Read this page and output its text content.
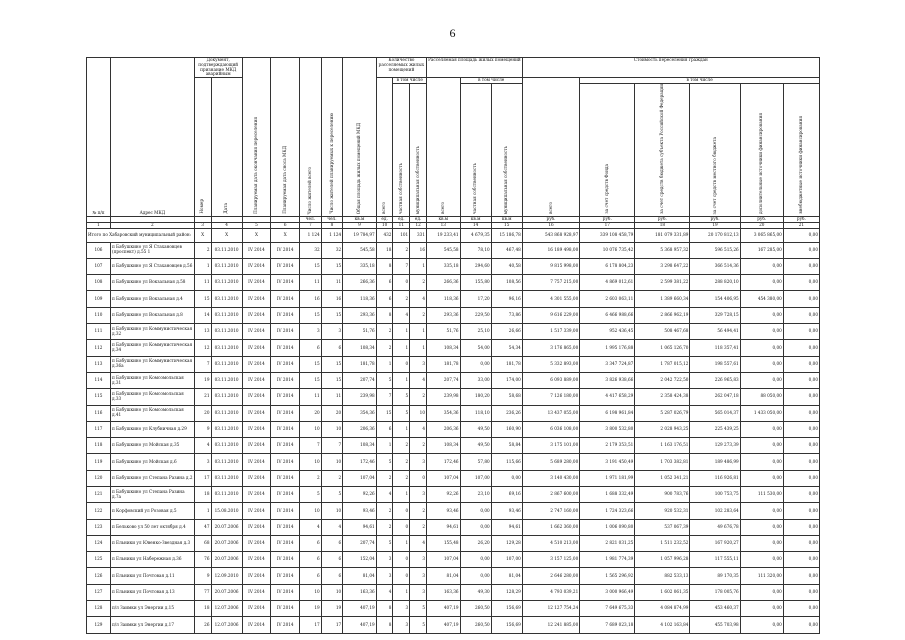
6
№ п/п	Адрес МКД	Документ, подтверждающий признание МКД аварийным		Планируемая дата окончания переселения	Планируемая дата сноса МКД	Число жителей всего	Число жителей планируемых к переселению	Общая площадь жилых помещений МКД	Количество расселяемых жилых помещений			Расселяемая площадь жилых помещений			Стоимость переселения граждан					
		Номер	Дата						всего	в том числе		всего	в том числе		всего	в том числе				
										частная собственность	муниципальная собственность		частная собственность	муниципальная собственность		за счет средств Фонда	за счет средств бюджета субъекта Российской Федерации	за счет средств местного бюджета	дополнительные источники финансирования	внебюджетные источники финансирования
						чел.	чел.	кв.м	ед.	ед.	ед.	кв.м	кв.м	кв.м	руб.	руб.	руб.	руб.	руб.	руб.
1	2	3	4	5	6	7	8	9	10	11	12	13	14	15	16	17	18	19	20	21
Итого по Хабаровский муниципальный район:		X	X	X	X	1 124	1 124	19 784,97	432	101	331	19 233,41	4 679,35	15 186,78	543 868 928,97	339 108 458,79	181 079 331,89	20 170 812,13	3 065 865,00	0,00
106	п Бабушкино ул Я Стахановцев (проспект) д.55 1	2	03.11.2010	IV 2014	IV 2014	32	32	545,58	18	2	16	545,58	78,10	467,48	16 189 498,00	10 076 735,42	5 368 957,32	596 515,26	167 285,00	0,00
107	п Бабушкино ул Я Стахановцев д.56	1	03.11.2010	IV 2014	IV 2014	15	15	335,18	8	7	1	335,18	294,60	40,58	9 815 998,00	6 178 804,23	3 298 647,22	366 514,36	0,00	0,00
108	п Бабушкино ул Вокзальная д.58	11	03.11.2010	IV 2014	IV 2014	11	11	266,36	6	0	2	266,36	155,80	108,56	7 757 215,00	4 869 012,61	2 599 381,22	288 820,10	0,00	0,00
109	п Бабушкино ул Вокзальная д.4	15	03.11.2010	IV 2014	IV 2014	16	16	118,36	6	2	4	118,36	17,20	96,16	4 301 555,00	2 603 063,11	1 389 660,34	154 406,95	454 380,00	0,00
110	п Бабушкино ул Вокзальная д.8	14	03.11.2010	IV 2014	IV 2014	15	15	293,36	8	4	2	293,36	229,50	73,86	9 616 229,00	6 466 988,66	2 866 962,19	329 728,15	0,00	0,00
111	п Бабушкино ул Коммунистическая д.32	13	03.11.2010	IV 2014	IV 2014	3	3	51,76	2	1	1	51,76	25,10	26,66	1 517 339,00	952 436,45	508 467,68	56 494,41	0,00	0,00
112	п Бабушкино ул Коммунистическая д.34	12	03.11.2010	IV 2014	IV 2014	6	6	108,34	2	1	1	108,34	54,00	54,34	3 176 865,00	1 995 176,88	1 065 126,70	118 357,41	0,00	0,00
113	п Бабушкино ул Коммунистическая д.36а	7	03.11.2010	IV 2014	IV 2014	15	15	181,78	1	0	3	181,78	0,00	181,78	5 332 893,00	3 347 724,87	1 787 015,12	198 557,61	0,00	0,00
114	п Бабушкино ул Комсомольская д.31	19	03.11.2010	IV 2014	IV 2014	15	15	207,74	5	1	4	207,74	33,00	174,00	6 093 889,00	3 826 938,66	2 042 722,50	226 965,83	0,00	0,00
115	п Бабушкино ул Комсомольская д.33	21	03.11.2010	IV 2014	IV 2014	11	11	239,98	7	5	2	239,98	180,20	58,68	7 126 180,00	4 417 658,29	2 358 424,38	262 047,18	88 050,00	0,00
116	п Бабушкино ул Комсомольская д.41	20	03.11.2010	IV 2014	IV 2014	20	20	354,36	15	5	10	354,36	118,10	236,26	13 437 055,00	6 198 961,84	5 287 026,79	565 014,37	1 433 050,00	0,00
117	п Бабушкино ул Клубничная д.29	9	03.11.2010	IV 2014	IV 2014	10	10	206,36	6	1	4	206,36	49,50	160,90	6 036 108,00	3 800 532,80	2 028 943,25	225 439,25	0,00	0,00
118	п Бабушкино ул Мойская д.35	4	03.11.2010	IV 2014	IV 2014	7	7	108,34	1	2	2	108,34	49,50	58,84	3 175 101,00	2 179 353,51	1 163 176,51	129 273,39	0,00	0,00
119	п Бабушкино ул Мойская д.6	3	03.11.2010	IV 2014	IV 2014	10	10	172,46	5	2	3	172,46	57,80	115,66	5 689 280,00	3 191 450,49	1 703 382,81	189 486,99	0,00	0,00
120	п Бабушкино ул Степана Разина д.2	17	03.11.2010	IV 2014	IV 2014	2	2	107,04	2	2	0	107,04	107,00	0,00	3 140 430,00	1 971 181,99	1 052 341,21	116 926,81	0,00	0,00
121	п Бабушкино ул Степана Разина д.7а	18	03.11.2010	IV 2014	IV 2014	5	5	92,26	4	1	3	92,26	23,10	69,16	2 867 600,00	1 688 332,49	900 783,76	100 753,75	111 530,00	0,00
122	п Корфовский ул Розовая д.5	1	15.08.2010	IV 2014	IV 2014	10	10	93,46	2	0	2	93,46	0,00	93,46	2 747 160,00	1 724 323,66	920 532,31	102 283,64	0,00	0,00
123	п Бельково ул 50 лет октября д.4	47	20.07.2006	IV 2014	IV 2014	4	4	94,61	2	0	2	94,61	0,00	94,61	1 662 360,00	1 006 090,80	537 067,39	49 676,78	0,00	0,00
124	п Ельники ул Ювенко-Звездная д.3	68	20.07.2006	IV 2014	IV 2014	6	6	207,74	5	1	4	155,48	26,20	129,28	4 510 213,00	2 821 031,25	1 511 232,52	167 920,27	0,00	0,00
125	п Ельники ул Набережная д.36	76	20.07.2006	IV 2014	IV 2014	6	6	152,04	3	0	3	107,04	0,00	107,00	3 157 125,00	1 981 774,39	1 057 996,28	117 555,11	0,00	0,00
126	п Ельники ул Почтовая д.11	9	12.09.2010	IV 2014	IV 2014	6	6	81,04	3	0	3	81,04	0,00	81,04	2 646 280,00	1 565 296,92	882 533,13	89 170,35	111 320,00	0,00
127	п Ельники ул Почтовая д.13	77	20.07.2006	IV 2014	IV 2014	10	10	163,36	4	1	3	163,36	49,30	128,29	4 793 039,21	3 000 966,49	1 602 061,35	178 005,76	0,00	0,00
128	п/л Заимки ул Энергии д.15	18	12.07.2006	IV 2014	IV 2014	19	19	407,19	8	3	5	407,19	260,50	156,69	12 127 754,24	7 649 675,33	4 084 874,99	453 460,37	0,00	0,00
129	п/л Заимки ул Энергии д.17	26	12.07.2006	IV 2014	IV 2014	17	17	407,19	8	3	5	407,19	260,50	156,69	12 241 885,00	7 689 023,18	4 102 163,84	455 703,98	0,00	0,00
